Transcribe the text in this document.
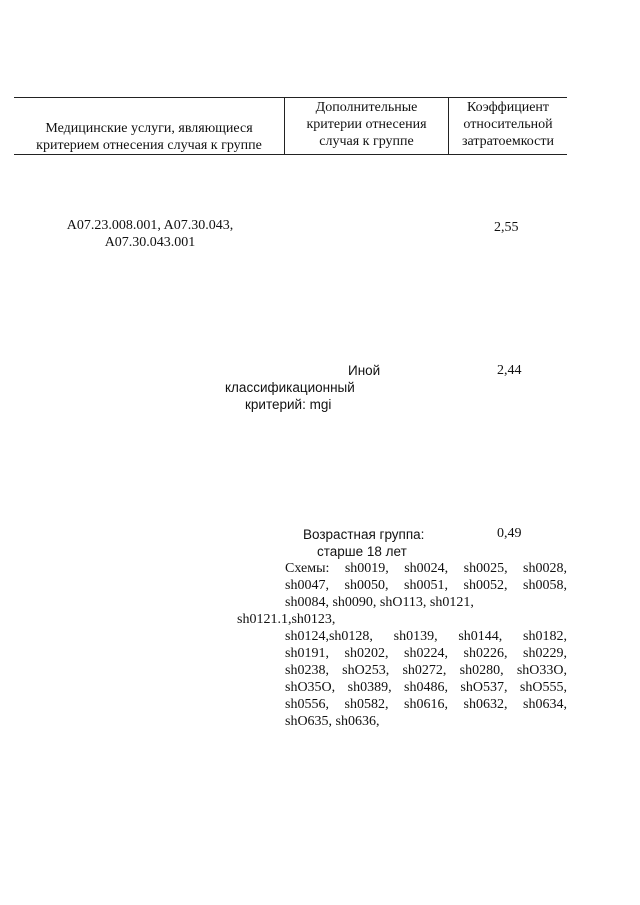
Медицинские услуги, являющиеся
критерием отнесения случая к группе
Дополнительные
критерии отнесения
случая к группе
Коэффициент
относительной
затратоемкости
A07.23.008.001, A07.30.043,
A07.30.043.001
2,55
Иной
классификационный
критерий: mgi
2,44
Возрастная группа:	0,49
старше 18 лет
Схемы: sh0019, sh0024, sh0025, sh0028,
sh0047, sh0050, sh0051, sh0052, sh0058,
sh0084, sh0090, shO113, sh0121,
sh0121.1,sh0123,
sh0124,sh0128, sh0139, sh0144, sh0182,
sh0191, sh0202, sh0224, sh0226, sh0229,
sh0238, shO253, sh0272, sh0280, shO33O,
shO35O, sh0389, sh0486, shO537, shO555,
sh0556, sh0582, sh0616, sh0632, sh0634,
shO635, sh0636,
